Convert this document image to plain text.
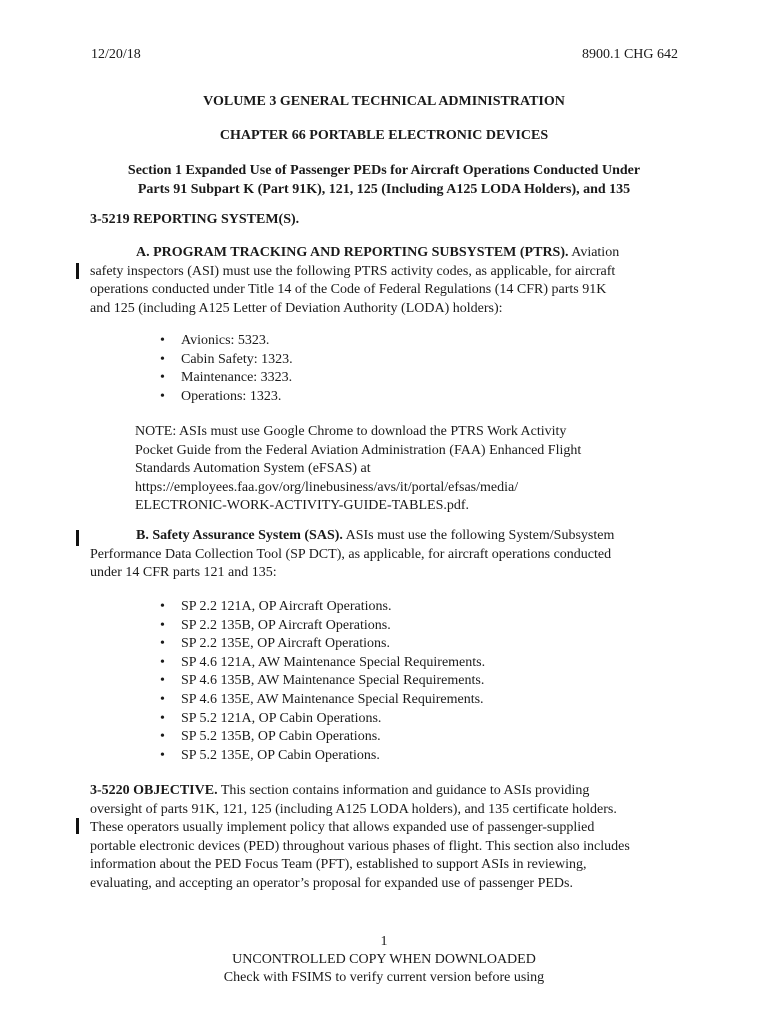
12/20/18	8900.1 CHG 642
VOLUME 3 GENERAL TECHNICAL ADMINISTRATION
CHAPTER 66 PORTABLE ELECTRONIC DEVICES
Section 1 Expanded Use of Passenger PEDs for Aircraft Operations Conducted Under
Parts 91 Subpart K (Part 91K), 121, 125 (Including A125 LODA Holders), and 135
3-5219 REPORTING SYSTEM(S).
A. PROGRAM TRACKING AND REPORTING SUBSYSTEM (PTRS). Aviation
safety inspectors (ASI) must use the following PTRS activity codes, as applicable, for aircraft
operations conducted under Title 14 of the Code of Federal Regulations (14 CFR) parts 91K
and 125 (including A125 Letter of Deviation Authority (LODA) holders):
• Avionics: 5323.
• Cabin Safety: 1323.
• Maintenance: 3323.
• Operations: 1323.
NOTE: ASIs must use Google Chrome to download the PTRS Work Activity
Pocket Guide from the Federal Aviation Administration (FAA) Enhanced Flight
Standards Automation System (eFSAS) at
https://employees.faa.gov/org/linebusiness/avs/it/portal/efsas/media/
ELECTRONIC-WORK-ACTIVITY-GUIDE-TABLES.pdf.
B. Safety Assurance System (SAS). ASIs must use the following System/Subsystem
Performance Data Collection Tool (SP DCT), as applicable, for aircraft operations conducted
under 14 CFR parts 121 and 135:
• SP 2.2 121A, OP Aircraft Operations.
• SP 2.2 135B, OP Aircraft Operations.
• SP 2.2 135E, OP Aircraft Operations.
• SP 4.6 121A, AW Maintenance Special Requirements.
• SP 4.6 135B, AW Maintenance Special Requirements.
• SP 4.6 135E, AW Maintenance Special Requirements.
• SP 5.2 121A, OP Cabin Operations.
• SP 5.2 135B, OP Cabin Operations.
• SP 5.2 135E, OP Cabin Operations.
3-5220 OBJECTIVE. This section contains information and guidance to ASIs providing
oversight of parts 91K, 121, 125 (including A125 LODA holders), and 135 certificate holders.
These operators usually implement policy that allows expanded use of passenger-supplied
portable electronic devices (PED) throughout various phases of flight. This section also includes
information about the PED Focus Team (PFT), established to support ASIs in reviewing,
evaluating, and accepting an operator’s proposal for expanded use of passenger PEDs.
1
UNCONTROLLED COPY WHEN DOWNLOADED
Check with FSIMS to verify current version before using
